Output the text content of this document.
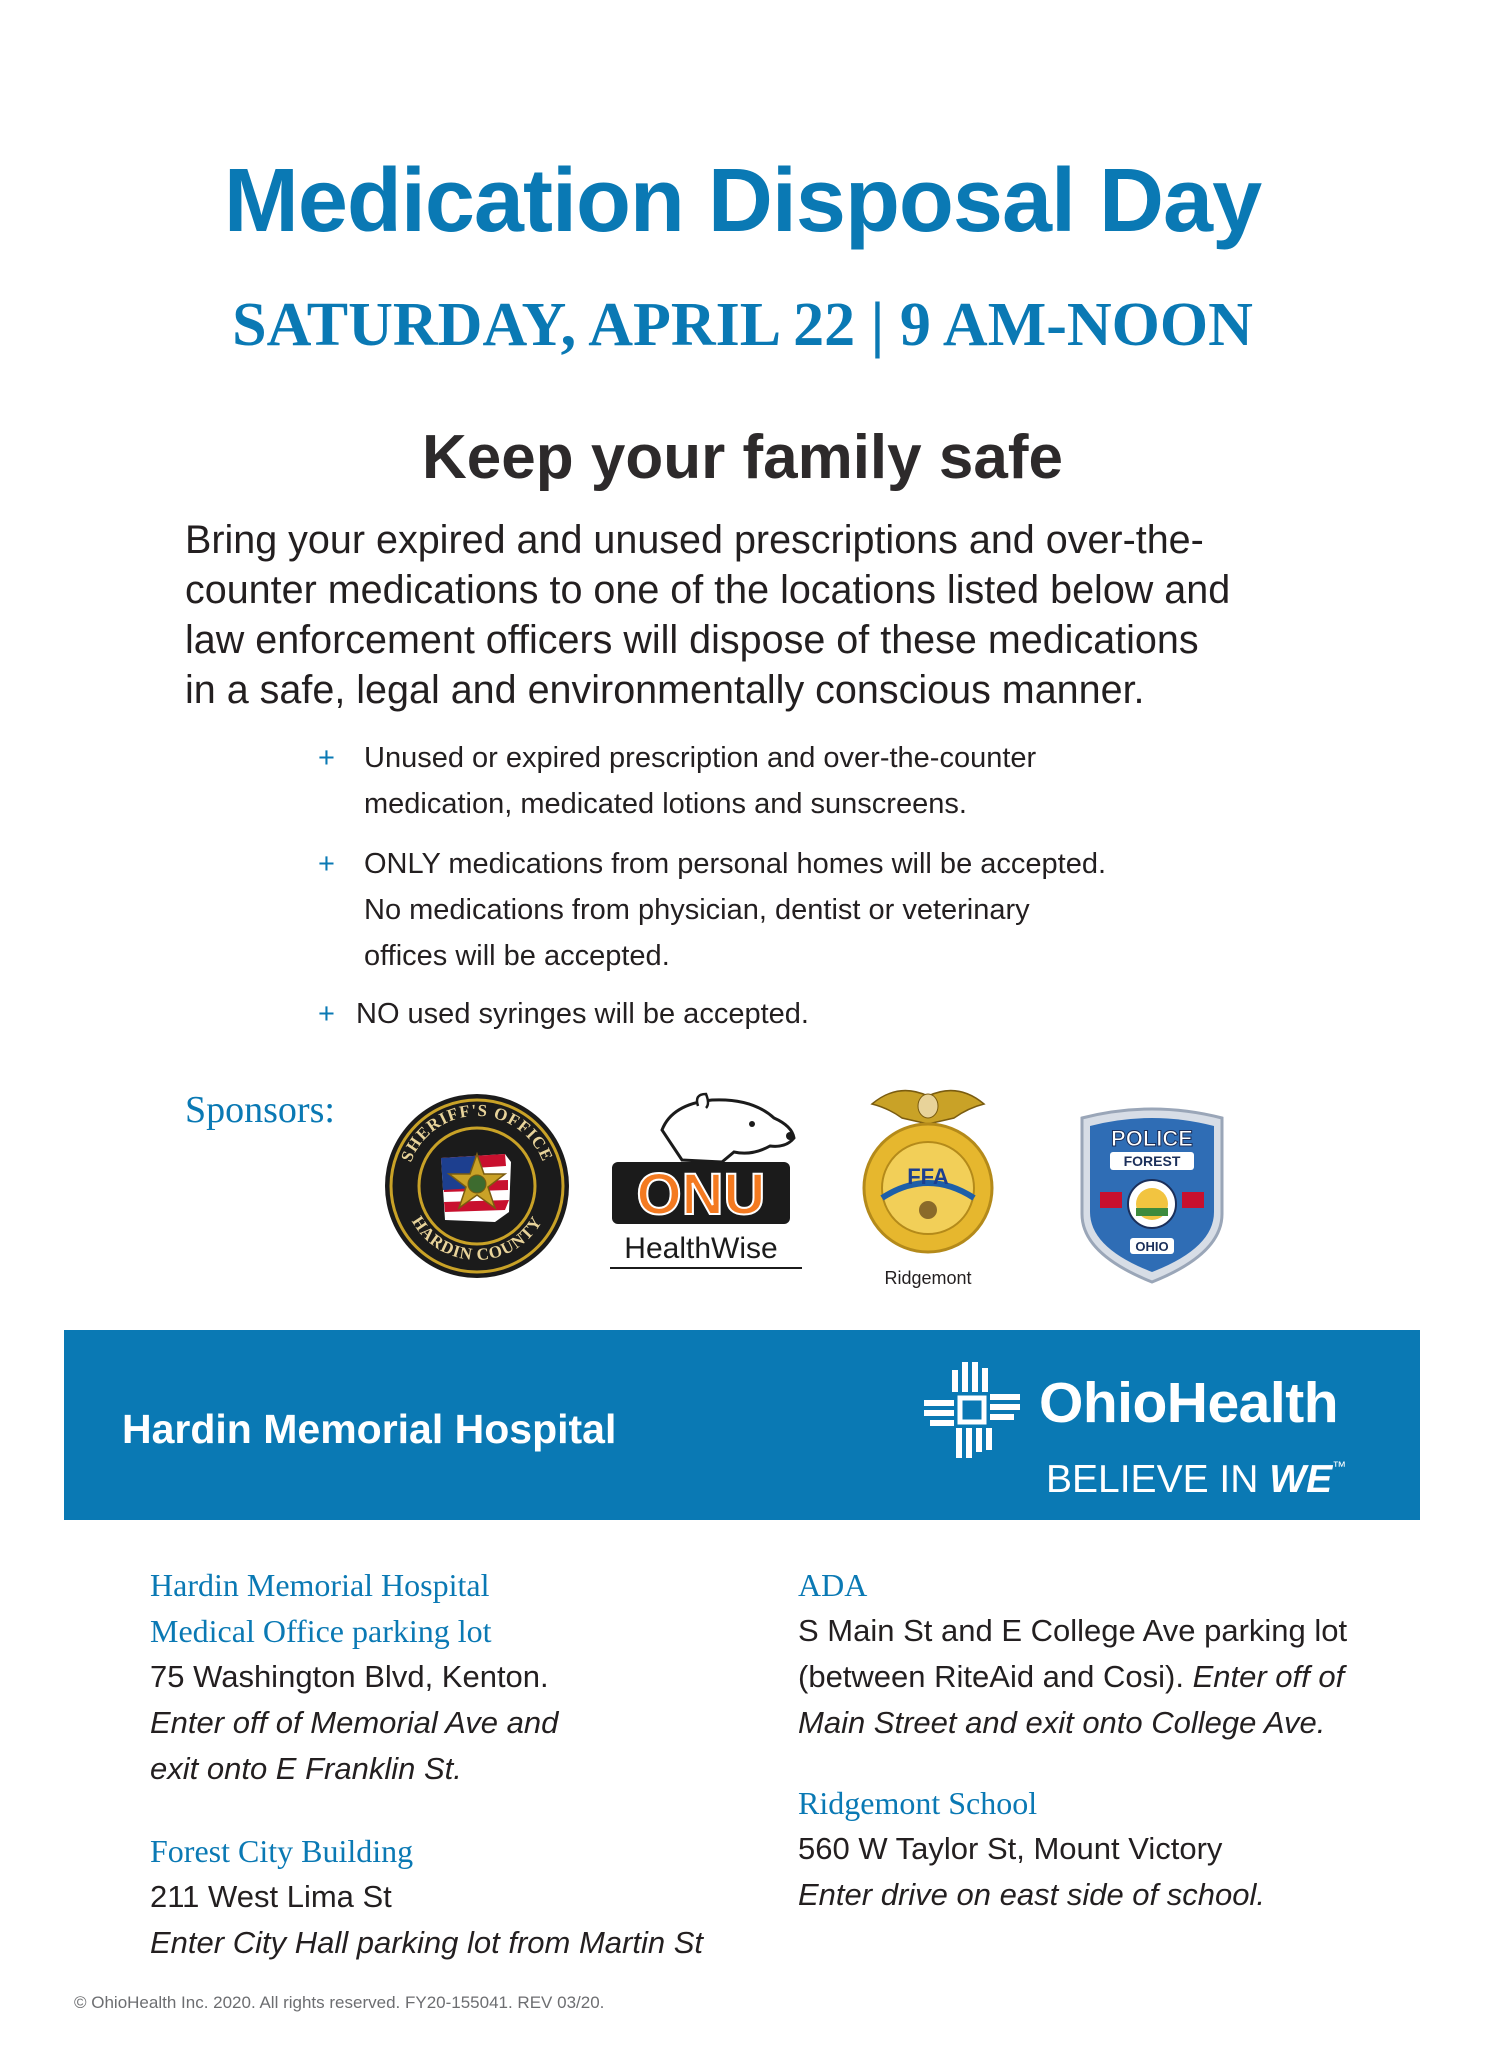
Medication Disposal Day
SATURDAY, APRIL 22 | 9 AM-NOON
Keep your family safe
Bring your expired and unused prescriptions and over-the-
counter medications to one of the locations listed below and
law enforcement officers will dispose of these medications
in a safe, legal and environmentally conscious manner.
+ Unused or expired prescription and over-the-counter
medication, medicated lotions and sunscreens.
+ ONLY medications from personal homes will be accepted.
No medications from physician, dentist or veterinary
offices will be accepted.
+ NO used syringes will be accepted.
Sponsors:
SHERIFF'S OFFICE
HARDIN COUNTY ONU
HealthWise
FFA
Ridgemont
POLICE
FOREST
OHIO
Hardin Memorial Hospital	OhioHealth
BELIEVE IN WE™
Hardin Memorial Hospital
Medical Office parking lot
75 Washington Blvd, Kenton.
Enter off of Memorial Ave and
exit onto E Franklin St.
Forest City Building
211 West Lima St
Enter City Hall parking lot from Martin St
ADA
S Main St and E College Ave parking lot
(between RiteAid and Cosi). Enter off of
Main Street and exit onto College Ave.
Ridgemont School
560 W Taylor St, Mount Victory
Enter drive on east side of school.
© OhioHealth Inc. 2020. All rights reserved. FY20-155041. REV 03/20.
